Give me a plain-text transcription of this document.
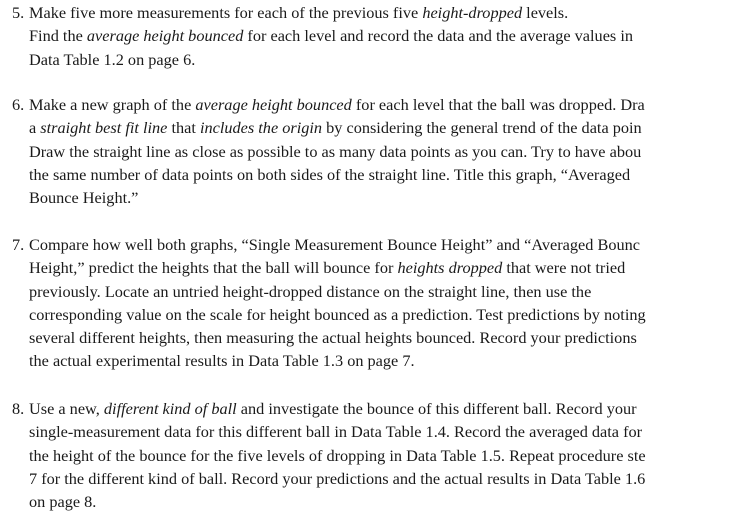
5. Make five more measurements for each of the previous five height-dropped levels.
Find the average height bounced for each level and record the data and the average values in
Data Table 1.2 on page 6.
6. Make a new graph of the average height bounced for each level that the ball was dropped. Dra
a straight best fit line that includes the origin by considering the general trend of the data poin
Draw the straight line as close as possible to as many data points as you can. Try to have abou
the same number of data points on both sides of the straight line. Title this graph, “Averaged
Bounce Height.”
7. Compare how well both graphs, “Single Measurement Bounce Height” and “Averaged Bounc
Height,” predict the heights that the ball will bounce for heights dropped that were not tried
previously. Locate an untried height-dropped distance on the straight line, then use the
corresponding value on the scale for height bounced as a prediction. Test predictions by noting
several different heights, then measuring the actual heights bounced. Record your predictions
the actual experimental results in Data Table 1.3 on page 7.
8. Use a new, different kind of ball and investigate the bounce of this different ball. Record your
single-measurement data for this different ball in Data Table 1.4. Record the averaged data for
the height of the bounce for the five levels of dropping in Data Table 1.5. Repeat procedure ste
7 for the different kind of ball. Record your predictions and the actual results in Data Table 1.6
on page 8.
